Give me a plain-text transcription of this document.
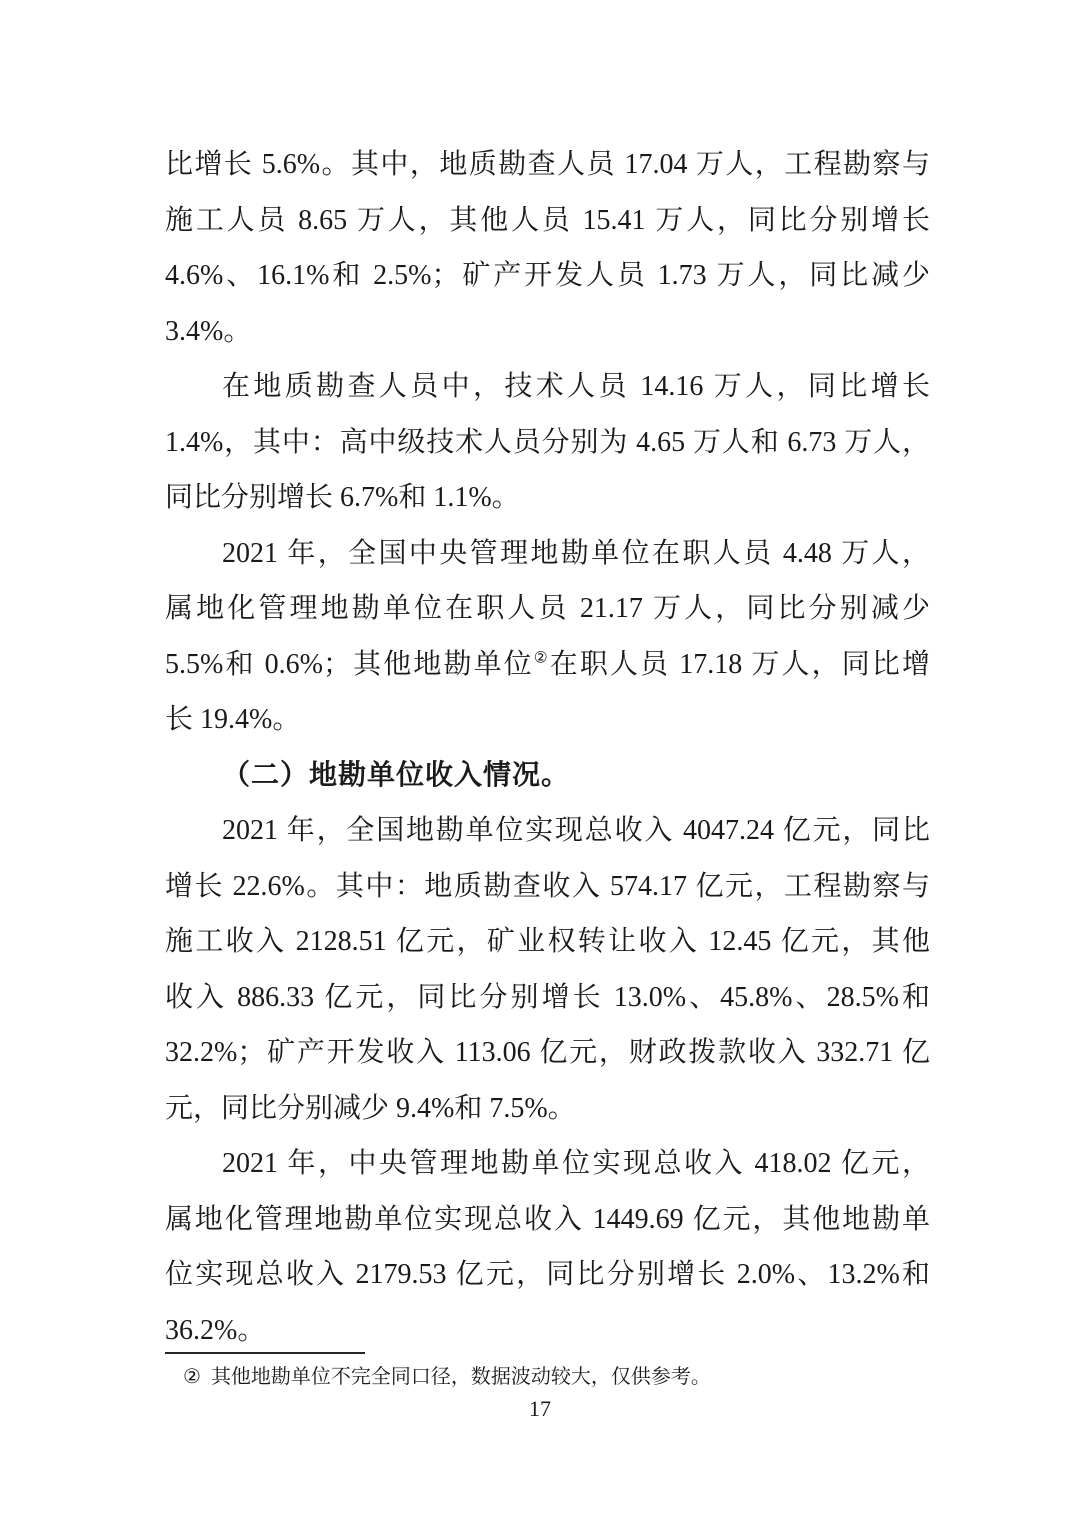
比增长 5.6%。其中，地质勘查人员 17.04 万人，工程勘察与
施工人员 8.65 万人，其他人员 15.41 万人，同比分别增长
4.6%、16.1%和 2.5%；矿产开发人员 1.73 万人，同比减少
3.4%。
在地质勘查人员中，技术人员 14.16 万人，同比增长
1.4%，其中：高中级技术人员分别为 4.65 万人和 6.73 万人，
同比分别增长 6.7%和 1.1%。
2021 年，全国中央管理地勘单位在职人员 4.48 万人，
属地化管理地勘单位在职人员 21.17 万人，同比分别减少
5.5%和 0.6%；其他地勘单位②在职人员 17.18 万人，同比增
长 19.4%。
（二）地勘单位收入情况。
2021 年，全国地勘单位实现总收入 4047.24 亿元，同比
增长 22.6%。其中：地质勘查收入 574.17 亿元，工程勘察与
施工收入 2128.51 亿元，矿业权转让收入 12.45 亿元，其他
收入 886.33 亿元，同比分别增长 13.0%、45.8%、28.5%和
32.2%；矿产开发收入 113.06 亿元，财政拨款收入 332.71 亿
元，同比分别减少 9.4%和 7.5%。
2021 年，中央管理地勘单位实现总收入 418.02 亿元，
属地化管理地勘单位实现总收入 1449.69 亿元，其他地勘单
位实现总收入 2179.53 亿元，同比分别增长 2.0%、13.2%和
36.2%。
② 其他地勘单位不完全同口径，数据波动较大，仅供参考。
17
